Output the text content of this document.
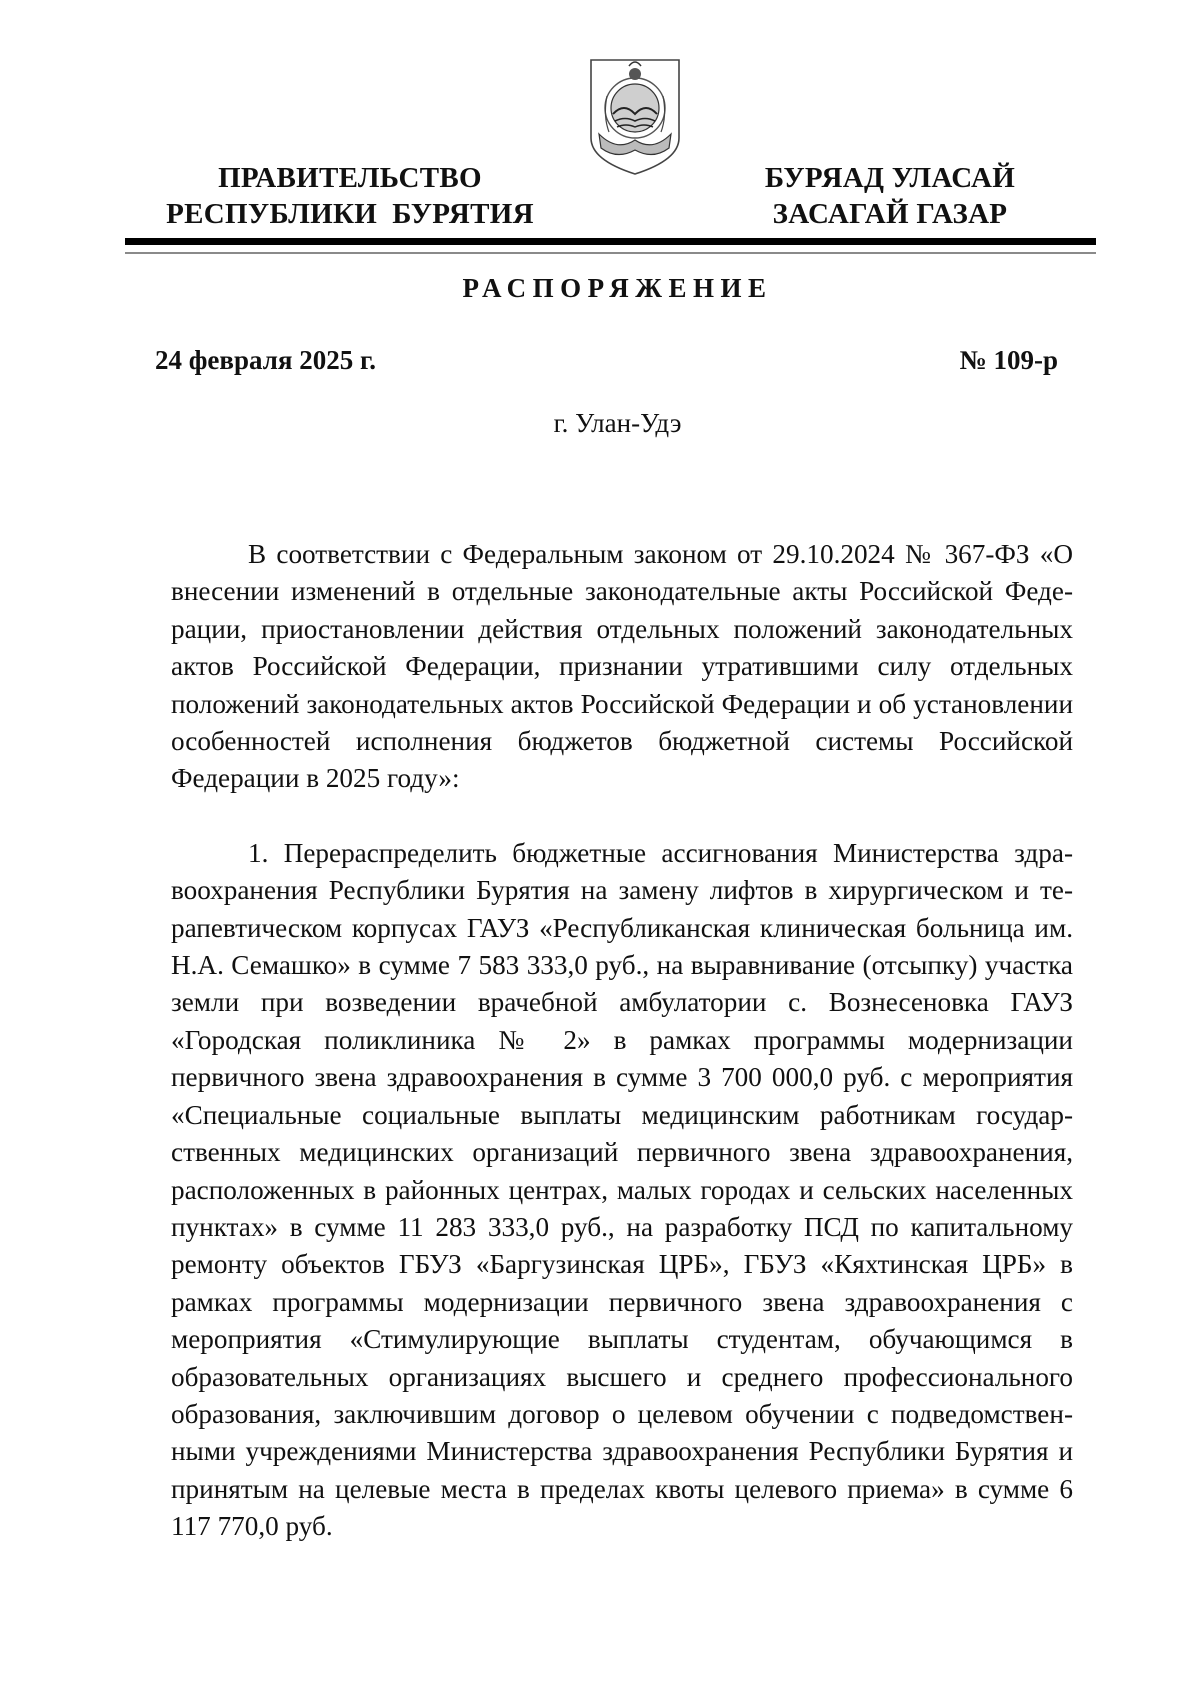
ПРАВИТЕЛЬСТВО
РЕСПУБЛИКИ  БУРЯТИЯ
БУРЯАД УЛАСАЙ
ЗАСАГАЙ ГАЗАР
РАСПОРЯЖЕНИЕ
24 февраля 2025 г.	№ 109-р
г. Улан-Удэ

В соответствии с Федеральным законом от 29.10.2024 № 367-ФЗ «О внесении изменений в отдельные законодательные акты Российской Федерации, приостановлении действия отдельных положений законодательных актов Российской Федерации, признании утратившими силу отдельных положений законодательных актов Российской Федерации и об установлении особенностей исполнения бюджетов бюджетной системы Российской Федерации в 2025 году»:

1. Перераспределить бюджетные ассигнования Министерства здравоохранения Республики Бурятия на замену лифтов в хирургическом и терапевтическом корпусах ГАУЗ «Республиканская клиническая больница им. Н.А. Семашко» в сумме 7 583 333,0 руб., на выравнивание (отсыпку) участка земли при возведении врачебной амбулатории с. Вознесеновка ГАУЗ «Городская поликлиника № 2» в рамках программы модернизации первичного звена здравоохранения в сумме 3 700 000,0 руб. с мероприятия «Специальные социальные выплаты медицинским работникам государственных медицинских организаций первичного звена здравоохранения, расположенных в районных центрах, малых городах и сельских населенных пунктах» в сумме 11 283 333,0 руб., на разработку ПСД по капитальному ремонту объектов ГБУЗ «Баргузинская ЦРБ», ГБУЗ «Кяхтинская ЦРБ» в рамках программы модернизации первичного звена здравоохранения с мероприятия «Стимулирующие выплаты студентам, обучающимся в образовательных организациях высшего и среднего профессионального образования, заключившим договор о целевом обучении с подведомственными учреждениями Министерства здравоохранения Республики Бурятия и принятым на целевые места в пределах квоты целевого приема» в сумме 6 117 770,0 руб.
